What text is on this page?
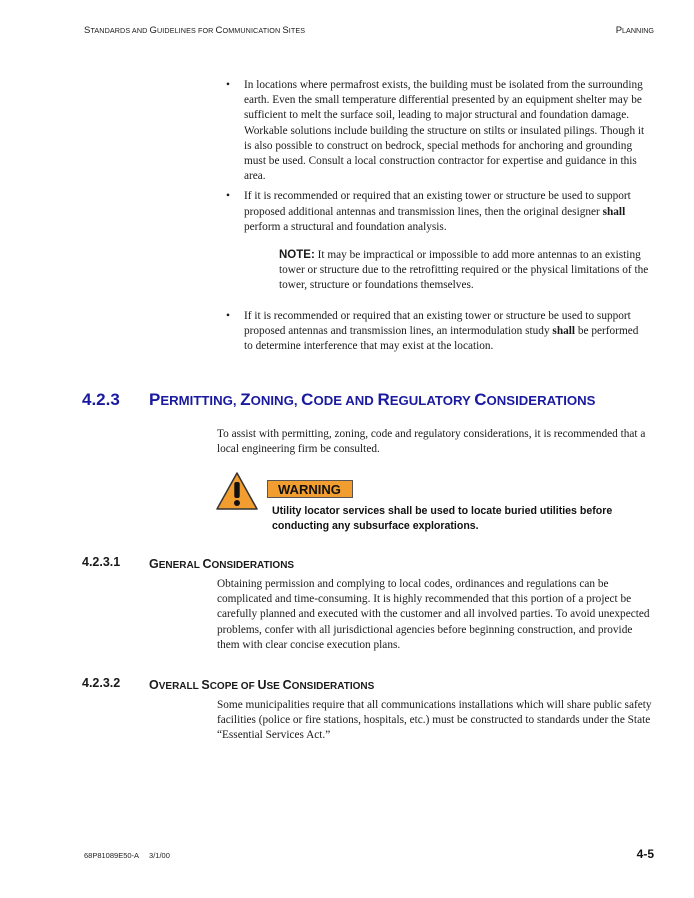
STANDARDS AND GUIDELINES FOR COMMUNICATION SITES	PLANNING
• In locations where permafrost exists, the building must be isolated from the surrounding earth. Even the small temperature differential presented by an equipment shelter may be sufficient to melt the surface soil, leading to major structural and foundation damage. Workable solutions include building the structure on stilts or insulated pilings. Though it is also possible to construct on bedrock, special methods for anchoring and grounding must be used. Consult a local construction contractor for expertise and guidance in this area.
• If it is recommended or required that an existing tower or structure be used to support proposed additional antennas and transmission lines, then the original designer shall perform a structural and foundation analysis.
NOTE: It may be impractical or impossible to add more antennas to an existing tower or structure due to the retrofitting required or the physical limitations of the tower, structure or foundations themselves.
• If it is recommended or required that an existing tower or structure be used to support proposed antennas and transmission lines, an intermodulation study shall be performed to determine interference that may exist at the location.
4.2.3 PERMITTING, ZONING, CODE AND REGULATORY CONSIDERATIONS
To assist with permitting, zoning, code and regulatory considerations, it is recommended that a local engineering firm be consulted.
WARNING
Utility locator services shall be used to locate buried utilities before conducting any subsurface explorations.
4.2.3.1 GENERAL CONSIDERATIONS
Obtaining permission and complying to local codes, ordinances and regulations can be complicated and time-consuming. It is highly recommended that this portion of a project be carefully planned and executed with the customer and all involved parties. To avoid unexpected problems, confer with all jurisdictional agencies before beginning construction, and provide them with clear concise execution plans.
4.2.3.2 OVERALL SCOPE OF USE CONSIDERATIONS
Some municipalities require that all communications installations which will share public safety facilities (police or fire stations, hospitals, etc.) must be constructed to standards under the State “Essential Services Act.”
68P81089E50-A 3/1/00	4-5
